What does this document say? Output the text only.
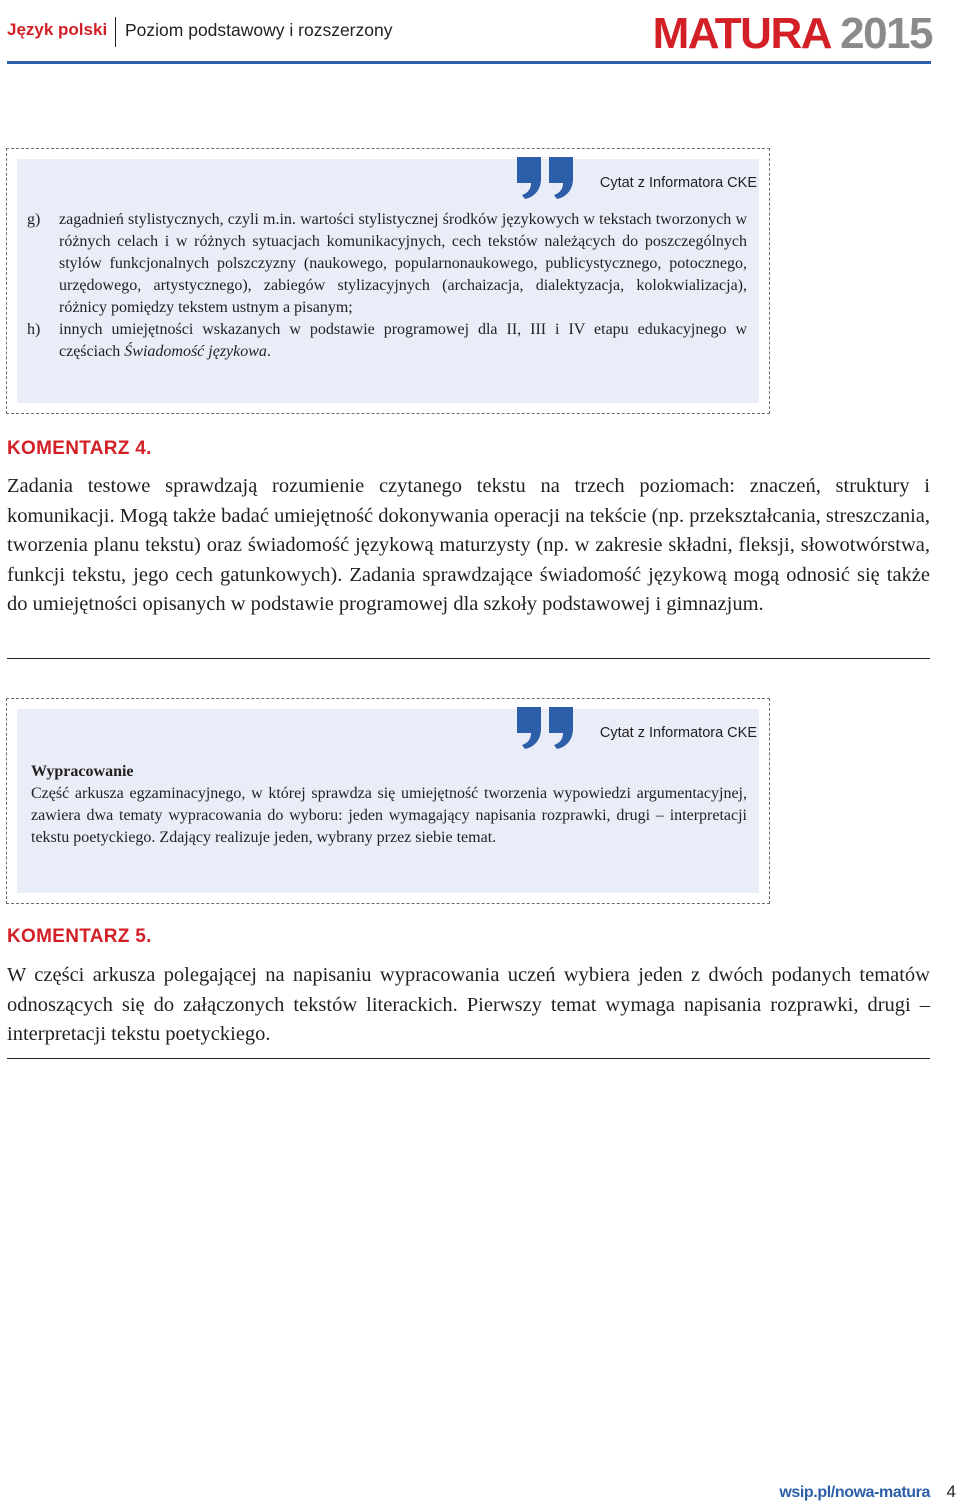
Język polski Poziom podstawowy i rozszerzony	MATURA 2015
Cytat z Informatora CKE
g) zagadnień stylistycznych, czyli m.in. wartości stylistycznej środków językowych w tekstach tworzonych w różnych celach i w różnych sytuacjach komunikacyjnych, cech tekstów należących do poszczególnych stylów funkcjonalnych polszczyzny (naukowego, popularnonaukowego, publicystycznego, potocznego, urzędowego, artystycznego), zabiegów stylizacyjnych (archaizacja, dialektyzacja, kolokwializacja), różnicy pomiędzy tekstem ustnym a pisanym;
h) innych umiejętności wskazanych w podstawie programowej dla II, III i IV etapu edukacyjnego w częściach Świadomość językowa.
KOMENTARZ 4.
Zadania testowe sprawdzają rozumienie czytanego tekstu na trzech poziomach: znaczeń, struktury i komunikacji. Mogą także badać umiejętność dokonywania operacji na tekście (np. przekształcania, streszczania, tworzenia planu tekstu) oraz świadomość językową maturzysty (np. w zakresie składni, fleksji, słowotwórstwa, funkcji tekstu, jego cech gatunkowych). Zadania sprawdzające świadomość językową mogą odnosić się także do umiejętności opisanych w podstawie programowej dla szkoły podstawowej i gimnazjum.
Cytat z Informatora CKE
Wypracowanie
Część arkusza egzaminacyjnego, w której sprawdza się umiejętność tworzenia wypowiedzi argumentacyjnej, zawiera dwa tematy wypracowania do wyboru: jeden wymagający napisania rozprawki, drugi – interpretacji tekstu poetyckiego. Zdający realizuje jeden, wybrany przez siebie temat.
KOMENTARZ 5.
W części arkusza polegającej na napisaniu wypracowania uczeń wybiera jeden z dwóch podanych tematów odnoszących się do załączonych tekstów literackich. Pierwszy temat wymaga napisania rozprawki, drugi – interpretacji tekstu poetyckiego.
wsip.pl/nowa-matura 4
